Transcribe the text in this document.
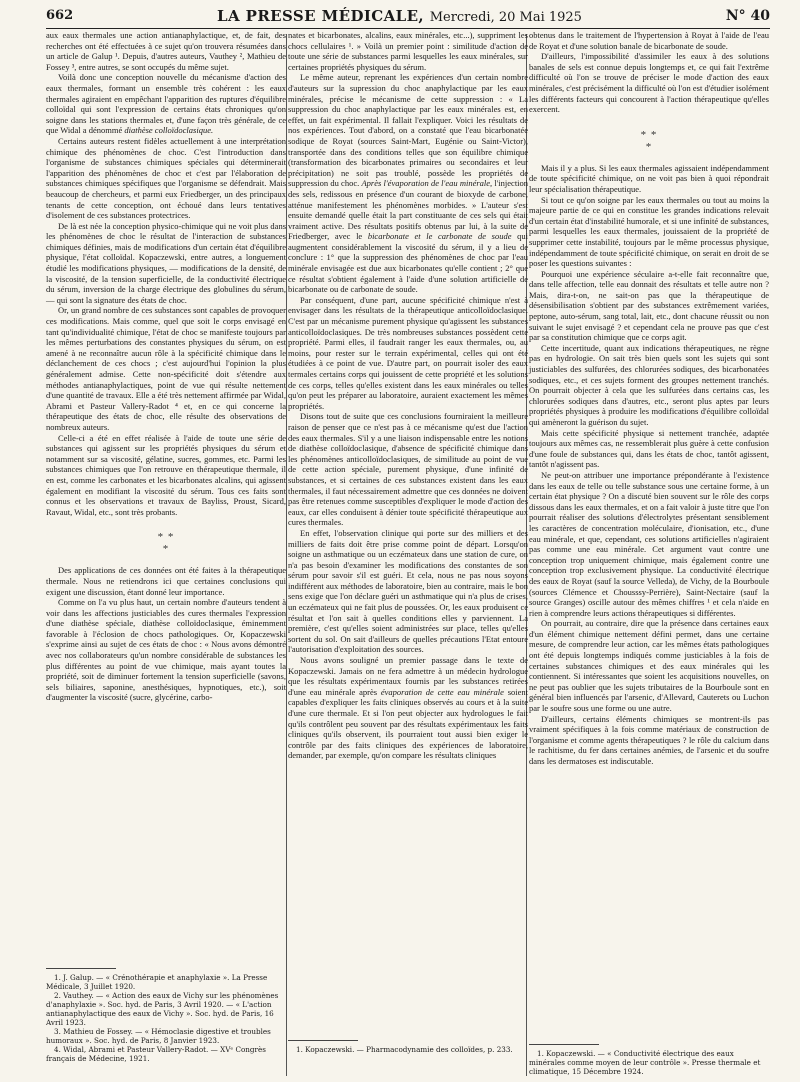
662	LA PRESSE MÉDICALE, Mercredi, 20 Mai 1925	N° 40

aux eaux thermales une action antianaphylactique, et, de fait, des recherches ont été effectuées à ce sujet qu'on trouvera résumées dans un article de Galup ¹. Depuis, d'autres auteurs, Vauthey ², Mathieu de Fossey ³, entre autres, se sont occupés du même sujet.

Voilà donc une conception nouvelle du mécanisme d'action des eaux thermales, formant un ensemble très cohérent : les eaux thermales agiraient en empêchant l'apparition des ruptures d'équilibre colloïdal qui sont l'expression de certains états chroniques qu'on soigne dans les stations thermales et, d'une façon très générale, de ce que Widal a dénommé diathèse colloïdoclasique.

Certains auteurs restent fidèles actuellement à une interprétation chimique des phénomènes de choc. C'est l'introduction dans l'organisme de substances chimiques spéciales qui déterminerait l'apparition des phénomènes de choc et c'est par l'élaboration de substances chimiques spécifiques que l'organisme se défendrait. Mais beaucoup de chercheurs, et parmi eux Friedberger, un des principaux tenants de cette conception, ont échoué dans leurs tentatives d'isolement de ces substances protectrices.

De là est née la conception physico-chimique qui ne voit plus dans les phénomènes de choc le résultat de l'interaction de substances chimiques définies, mais de modifications d'un certain état d'équilibre physique, l'état colloïdal. Kopaczewski, entre autres, a longuement étudié les modifications physiques, — modifications de la densité, de la viscosité, de la tension superficielle, de la conductivité électrique du sérum, inversion de la charge électrique des globulines du sérum, — qui sont la signature des états de choc.

Or, un grand nombre de ces substances sont capables de provoquer ces modifications. Mais comme, quel que soit le corps envisagé en tant qu'individualité chimique, l'état de choc se manifeste toujours par les mêmes perturbations des constantes physiques du sérum, on est amené à ne reconnaître aucun rôle à la spécificité chimique dans le déclanchement de ces chocs ; c'est aujourd'hui l'opinion la plus généralement admise. Cette non-spécificité doit s'étendre aux méthodes antianaphylactiques, point de vue qui résulte nettement d'une quantité de travaux. Elle a été très nettement affirmée par Widal, Abrami et Pasteur Vallery-Radot ⁴ et, en ce qui concerne la thérapeutique des états de choc, elle résulte des observations de nombreux auteurs.

Celle-ci a été en effet réalisée à l'aide de toute une série de substances qui agissent sur les propriétés physiques du sérum et notamment sur sa viscosité, gélatine, sucres, gommes, etc. Parmi les substances chimiques que l'on retrouve en thérapeutique thermale, il en est, comme les carbonates et les bicarbonates alcalins, qui agissent également en modifiant la viscosité du sérum. Tous ces faits sont connus et les observations et travaux de Bayliss, Proust, Sicard, Ravaut, Widal, etc., sont très probants.

* *
*

Des applications de ces données ont été faites à la thérapeutique thermale. Nous ne retiendrons ici que certaines conclusions qui exigent une discussion, étant donné leur importance.

Comme on l'a vu plus haut, un certain nombre d'auteurs tendent à voir dans les affections justiciables des cures thermales l'expression d'une diathèse spéciale, diathèse colloïdoclasique, éminemment favorable à l'éclosion de chocs pathologiques. Or, Kopaczewski s'exprime ainsi au sujet de ces états de choc : « Nous avons démontré avec nos collaborateurs qu'un nombre considérable de substances les plus différentes au point de vue chimique, mais ayant toutes la propriété, soit de diminuer fortement la tension superficielle (savons, sels biliaires, saponine, anesthésiques, hypnotiques, etc.), soit d'augmenter la viscosité (sucre, glycérine, carbo-

1. J. Galup. — « Crénothérapie et anaphylaxie ». La Presse Médicale, 3 Juillet 1920.

2. Vauthey. — « Action des eaux de Vichy sur les phénomènes d'anaphylaxie ». Soc. hyd. de Paris, 3 Avril 1920. — « L'action antianaphylactique des eaux de Vichy ». Soc. hyd. de Paris, 16 Avril 1923.

3. Mathieu de Fossey. — « Hémoclasie digestive et troubles humoraux ». Soc. hyd. de Paris, 8 Janvier 1923.

4. Widal, Abrami et Pasteur Vallery-Radot. — XVᵉ Congrès français de Médecine, 1921.

nates et bicarbonates, alcalins, eaux minérales, etc...), suppriment les chocs cellulaires ¹. » Voilà un premier point : similitude d'action de toute une série de substances parmi lesquelles les eaux minérales, sur certaines propriétés physiques du sérum.

Le même auteur, reprenant les expériences d'un certain nombre d'auteurs sur la supression du choc anaphylactique par les eaux minérales, précise le mécanisme de cette suppression : « La suppression du choc anaphylactique par les eaux minérales est, en effet, un fait expérimental. Il fallait l'expliquer. Voici les résultats de nos expériences. Tout d'abord, on a constaté que l'eau bicarbonatée sodique de Royat (sources Saint-Mart, Eugénie ou Saint-Victor), transportée dans des conditions telles que son équilibre chimique (transformation des bicarbonates primaires ou secondaires et leur précipitation) ne soit pas troublé, possède les propriétés de suppression du choc. Après l'évaporation de l'eau minérale, l'injection des sels, redissous en présence d'un courant de bioxyde de carbone, atténue manifestement les phénomènes morbides. » L'auteur s'est ensuite demandé quelle était la part constituante de ces sels qui était vraiment active. Des résultats positifs obtenus par lui, à la suite de Friedberger, avec le bicarbonate et le carbonate de soude qui augmentent considérablement la viscosité du sérum, il y a lieu de conclure : 1° que la suppression des phénomènes de choc par l'eau minérale envisagée est due aux bicarbonates qu'elle contient ; 2° que ce résultat s'obtient également à l'aide d'une solution artificielle de bicarbonate ou de carbonate de soude.

Par conséquent, d'une part, aucune spécificité chimique n'est à envisager dans les résultats de la thérapeutique anticolloïdoclasique. C'est par un mécanisme purement physique qu'agissent les substances anticolloïdoclasiques. De très nombreuses substances possèdent cette propriété. Parmi elles, il faudrait ranger les eaux thermales, ou, au moins, pour rester sur le terrain expérimental, celles qui ont été étudiées à ce point de vue. D'autre part, on pourrait isoler des eaux termales certains corps qui jouissent de cette propriété et les solutions de ces corps, telles qu'elles existent dans les eaux minérales ou telles qu'on peut les préparer au laboratoire, auraient exactement les mêmes propriétés.

Disons tout de suite que ces conclusions fourniraient la meilleure raison de penser que ce n'est pas à ce mécanisme qu'est due l'action des eaux thermales. S'il y a une liaison indispensable entre les notions de diathèse colloïdoclasique, d'absence de spécificité chimique dans les phénomènes anticolloïdoclasiques, de similitude au point de vue de cette action spéciale, purement physique, d'une infinité de substances, et si certaines de ces substances existent dans les eaux thermales, il faut nécessairement admettre que ces données ne doivent pas être retenues comme susceptibles d'expliquer le mode d'action des eaux, car elles conduisent à dénier toute spécificité thérapeutique aux cures thermales.

En effet, l'observation clinique qui porte sur des milliers et des milliers de faits doit être prise comme point de départ. Lorsqu'on soigne un asthmatique ou un eczémateux dans une station de cure, on n'a pas besoin d'examiner les modifications des constantes de son sérum pour savoir s'il est guéri. Et cela, nous ne pas nous soyons indifférent aux méthodes de laboratoire, bien au contraire, mais le bon sens exige que l'on déclare guéri un asthmatique qui n'a plus de crises, un eczémateux qui ne fait plus de poussées. Or, les eaux produisent ce résultat et l'on sait à quelles conditions elles y parviennent. La première, c'est qu'elles soient administrées sur place, telles qu'elles sortent du sol. On sait d'ailleurs de quelles précautions l'Etat entoure l'autorisation d'exploitation des sources.

Nous avons souligné un premier passage dans le texte de Kopaczewski. Jamais on ne fera admettre à un médecin hydrologue que les résultats expérimentaux fournis par les substances retirées d'une eau minérale après évaporation de cette eau minérale soient capables d'expliquer les faits cliniques observés au cours et à la suite d'une cure thermale. Et si l'on peut objecter aux hydrologues le fait qu'ils contrôlent peu souvent par des résultats expérimentaux les faits cliniques qu'ils observent, ils pourraient tout aussi bien exiger le contrôle par des faits cliniques des expériences de laboratoire, demander, par exemple, qu'on compare les résultats cliniques

1. Kopaczewski. — Pharmacodynamie des colloïdes, p. 233.

obtenus dans le traitement de l'hypertension à Royat à l'aide de l'eau de Royat et d'une solution banale de bicarbonate de soude.

D'ailleurs, l'impossibilité d'assimiler les eaux à des solutions banales de sels est connue depuis longtemps et, ce qui fait l'extrême difficulté où l'on se trouve de préciser le mode d'action des eaux minérales, c'est précisément la difficulté où l'on est d'étudier isolément les différents facteurs qui concourent à l'action thérapeutique qu'elles exercent.

* *
*

Mais il y a plus. Si les eaux thermales agissaient indépendamment de toute spécificité chimique, on ne voit pas bien à quoi répondrait leur spécialisation thérapeutique.

Si tout ce qu'on soigne par les eaux thermales ou tout au moins la majeure partie de ce qui en constitue les grandes indications relevait d'un certain état d'instabilité humorale, et si une infinité de substances, parmi lesquelles les eaux thermales, jouissaient de la propriété de supprimer cette instabilité, toujours par le même processus physique, indépendamment de toute spécificité chimique, on serait en droit de se poser les questions suivantes :

Pourquoi une expérience séculaire a-t-elle fait reconnaître que, dans telle affection, telle eau donnait des résultats et telle autre non ? Mais, dira-t-on, ne sait-on pas que la thérapeutique de désensibilisation s'obtient par des substances extrêmement variées, peptone, auto-sérum, sang total, lait, etc., dont chacune réussit ou non suivant le sujet envisagé ? et cependant cela ne prouve pas que c'est par sa constitution chimique que ce corps agit.

Cette incertitude, quant aux indications thérapeutiques, ne règne pas en hydrologie. On sait très bien quels sont les sujets qui sont justiciables des sulfurées, des chlorurées sodiques, des bicarbonatées sodiques, etc., et ces sujets forment des groupes nettement tranchés. On pourrait objecter à cela que les sulfurées dans certains cas, les chlorurées sodiques dans d'autres, etc., seront plus aptes par leurs propriétés physiques à produire les modifications d'équilibre colloïdal qui amèneront la guérison du sujet.

Mais cette spécificité physique si nettement tranchée, adaptée toujours aux mêmes cas, ne ressemblerait plus guère à cette confusion d'une foule de substances qui, dans les états de choc, tantôt agissent, tantôt n'agissent pas.

Ne peut-on attribuer une importance prépondérante à l'existence dans les eaux de telle ou telle substance sous une certaine forme, à un certain état physique ? On a discuté bien souvent sur le rôle des corps dissous dans les eaux thermales, et on a fait valoir à juste titre que l'on pourrait réaliser des solutions d'électrolytes présentant sensiblement les caractères de concentration moléculaire, d'ionisation, etc., d'une eau minérale, et que, cependant, ces solutions artificielles n'agiraient pas comme une eau minérale. Cet argument vaut contre une conception trop uniquement chimique, mais également contre une conception trop exclusivement physique. La conductivité électrique des eaux de Royat (sauf la source Velleda), de Vichy, de la Bourboule (sources Clémence et Chousssy-Perrière), Saint-Nectaire (sauf la source Granges) oscille autour des mêmes chiffres ¹ et cela n'aide en rien à comprendre leurs actions thérapeutiques si différentes.

On pourrait, au contraire, dire que la présence dans certaines eaux d'un élément chimique nettement défini permet, dans une certaine mesure, de comprendre leur action, car les mêmes états pathologiques ont été depuis longtemps indiqués comme justiciables à la fois de certaines substances chimiques et des eaux minérales qui les contiennent. Si intéressantes que soient les acquisitions nouvelles, on ne peut pas oublier que les sujets tributaires de la Bourboule sont en général bien influencés par l'arsenic, d'Allevard, Cauterets ou Luchon par le soufre sous une forme ou une autre.

D'ailleurs, certains éléments chimiques se montrent-ils pas vraiment spécifiques à la fois comme matériaux de construction de l'organisme et comme agents thérapeutiques ? le rôle du calcium dans le rachitisme, du fer dans certaines anémies, de l'arsenic et du soufre dans les dermatoses est indiscutable.

1. Kopaczewski. — « Conductivité électrique des eaux minérales comme moyen de leur contrôle ». Presse thermale et climatique, 15 Décembre 1924.
